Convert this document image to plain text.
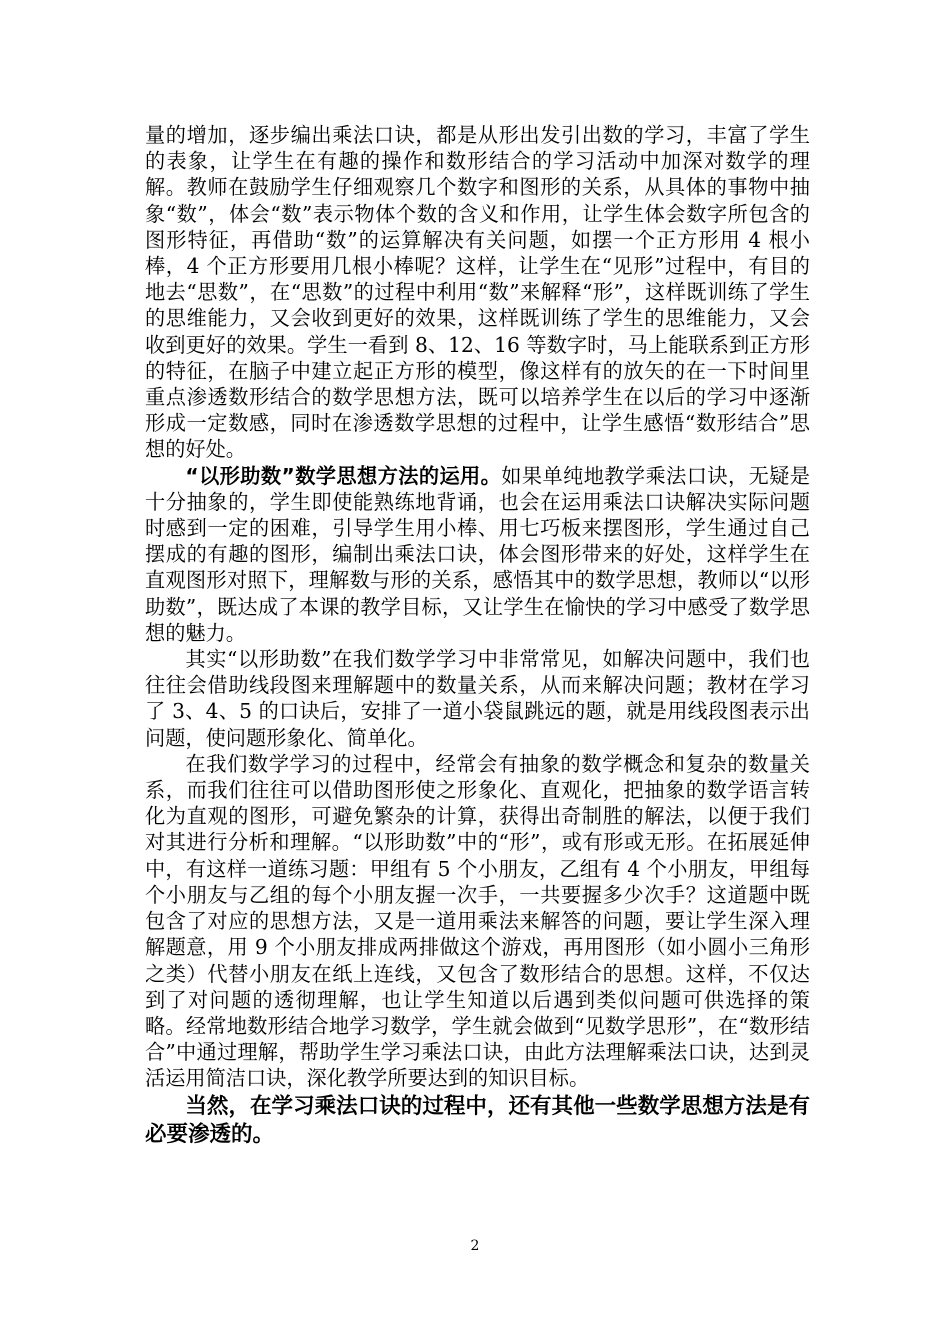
量的增加，逐步编出乘法口诀，都是从形出发引出数的学习，丰富了学生的表象，让学生在有趣的操作和数形结合的学习活动中加深对数学的理解。教师在鼓励学生仔细观察几个数字和图形的关系，从具体的事物中抽象“数”，体会“数”表示物体个数的含义和作用，让学生体会数字所包含的图形特征，再借助“数”的运算解决有关问题，如摆一个正方形用 4 根小棒，4 个正方形要用几根小棒呢？这样，让学生在“见形”过程中，有目的地去“思数”，在“思数”的过程中利用“数”来解释“形”，这样既训练了学生的思维能力，又会收到更好的效果，这样既训练了学生的思维能力，又会收到更好的效果。学生一看到 8、12、16 等数字时，马上能联系到正方形的特征，在脑子中建立起正方形的模型，像这样有的放矢的在一下时间里重点渗透数形结合的数学思想方法，既可以培养学生在以后的学习中逐渐形成一定数感，同时在渗透数学思想的过程中，让学生感悟“数形结合”思想的好处。

“以形助数”数学思想方法的运用。如果单纯地教学乘法口诀，无疑是十分抽象的，学生即使能熟练地背诵，也会在运用乘法口诀解决实际问题时感到一定的困难，引导学生用小棒、用七巧板来摆图形，学生通过自己摆成的有趣的图形，编制出乘法口诀，体会图形带来的好处，这样学生在直观图形对照下，理解数与形的关系，感悟其中的数学思想，教师以“以形助数”，既达成了本课的教学目标，又让学生在愉快的学习中感受了数学思想的魅力。

其实“以形助数”在我们数学学习中非常常见，如解决问题中，我们也往往会借助线段图来理解题中的数量关系，从而来解决问题；教材在学习了 3、4、5 的口诀后，安排了一道小袋鼠跳远的题，就是用线段图表示出问题，使问题形象化、简单化。

在我们数学学习的过程中，经常会有抽象的数学概念和复杂的数量关系，而我们往往可以借助图形使之形象化、直观化，把抽象的数学语言转化为直观的图形，可避免繁杂的计算，获得出奇制胜的解法，以便于我们对其进行分析和理解。“以形助数”中的“形”，或有形或无形。在拓展延伸中，有这样一道练习题：甲组有 5 个小朋友，乙组有 4 个小朋友，甲组每个小朋友与乙组的每个小朋友握一次手，一共要握多少次手？这道题中既包含了对应的思想方法，又是一道用乘法来解答的问题，要让学生深入理解题意，用 9 个小朋友排成两排做这个游戏，再用图形（如小圆小三角形之类）代替小朋友在纸上连线，又包含了数形结合的思想。这样，不仅达到了对问题的透彻理解，也让学生知道以后遇到类似问题可供选择的策略。经常地数形结合地学习数学，学生就会做到“见数学思形”，在“数形结合”中通过理解，帮助学生学习乘法口诀，由此方法理解乘法口诀，达到灵活运用简洁口诀，深化教学所要达到的知识目标。

当然，在学习乘法口诀的过程中，还有其他一些数学思想方法是有必要渗透的。

2
